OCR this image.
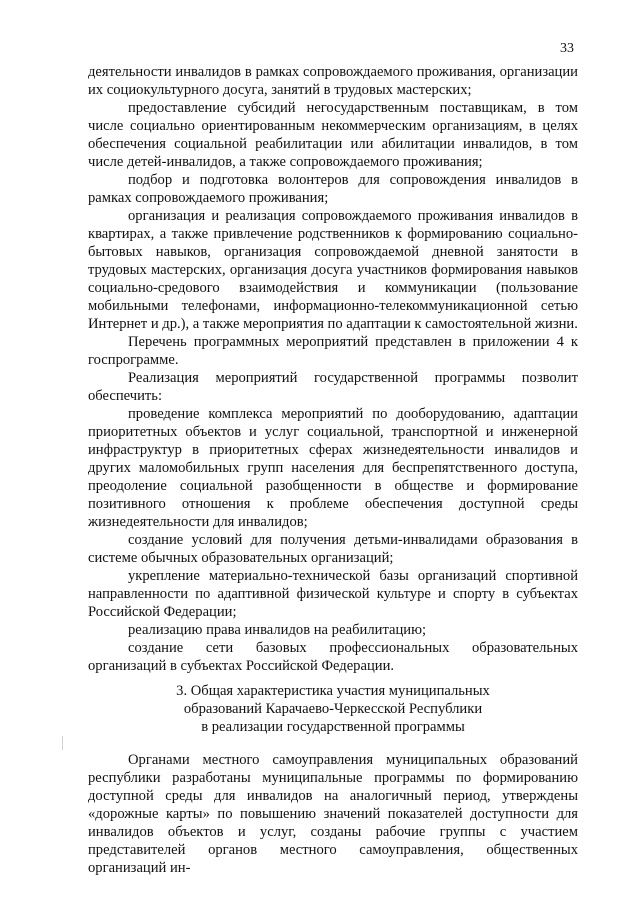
33

деятельности инвалидов в рамках сопровождаемого проживания, организации их социокультурного досуга, занятий в трудовых мастерских;

предоставление субсидий негосударственным поставщикам, в том числе социально ориентированным некоммерческим организациям, в целях обеспечения социальной реабилитации или абилитации инвалидов, в том числе детей-инвалидов, а также сопровождаемого проживания;

подбор и подготовка волонтеров для сопровождения инвалидов в рамках сопровождаемого проживания;

организация и реализация сопровождаемого проживания инвалидов в квартирах, а также привлечение родственников к формированию социально-бытовых навыков, организация сопровождаемой дневной занятости в трудовых мастерских, организация досуга участников формирования навыков социально-средового взаимодействия и коммуникации (пользование мобильными телефонами, информационно-телекоммуникационной сетью Интернет и др.), а также мероприятия по адаптации к самостоятельной жизни.

Перечень программных мероприятий представлен в приложении 4 к госпрограмме.

Реализация мероприятий государственной программы позволит обеспечить:

проведение комплекса мероприятий по дооборудованию, адаптации приоритетных объектов и услуг социальной, транспортной и инженерной инфраструктур в приоритетных сферах жизнедеятельности инвалидов и других маломобильных групп населения для беспрепятственного доступа, преодоление социальной разобщенности в обществе и формирование позитивного отношения к проблеме обеспечения доступной среды жизнедеятельности для инвалидов;

создание условий для получения детьми-инвалидами образования в системе обычных образовательных организаций;

укрепление материально-технической базы организаций спортивной направленности по адаптивной физической культуре и спорту в субъектах Российской Федерации;

реализацию права инвалидов на реабилитацию;

создание сети базовых профессиональных образовательных организаций в субъектах Российской Федерации.

3. Общая характеристика участия муниципальных
образований Карачаево-Черкесской Республики
в реализации государственной программы

Органами местного самоуправления муниципальных образований республики разработаны муниципальные программы по формированию доступной среды для инвалидов на аналогичный период, утверждены «дорожные карты» по повышению значений показателей доступности для инвалидов объектов и услуг, созданы рабочие группы с участием представителей органов местного самоуправления, общественных организаций ин-
